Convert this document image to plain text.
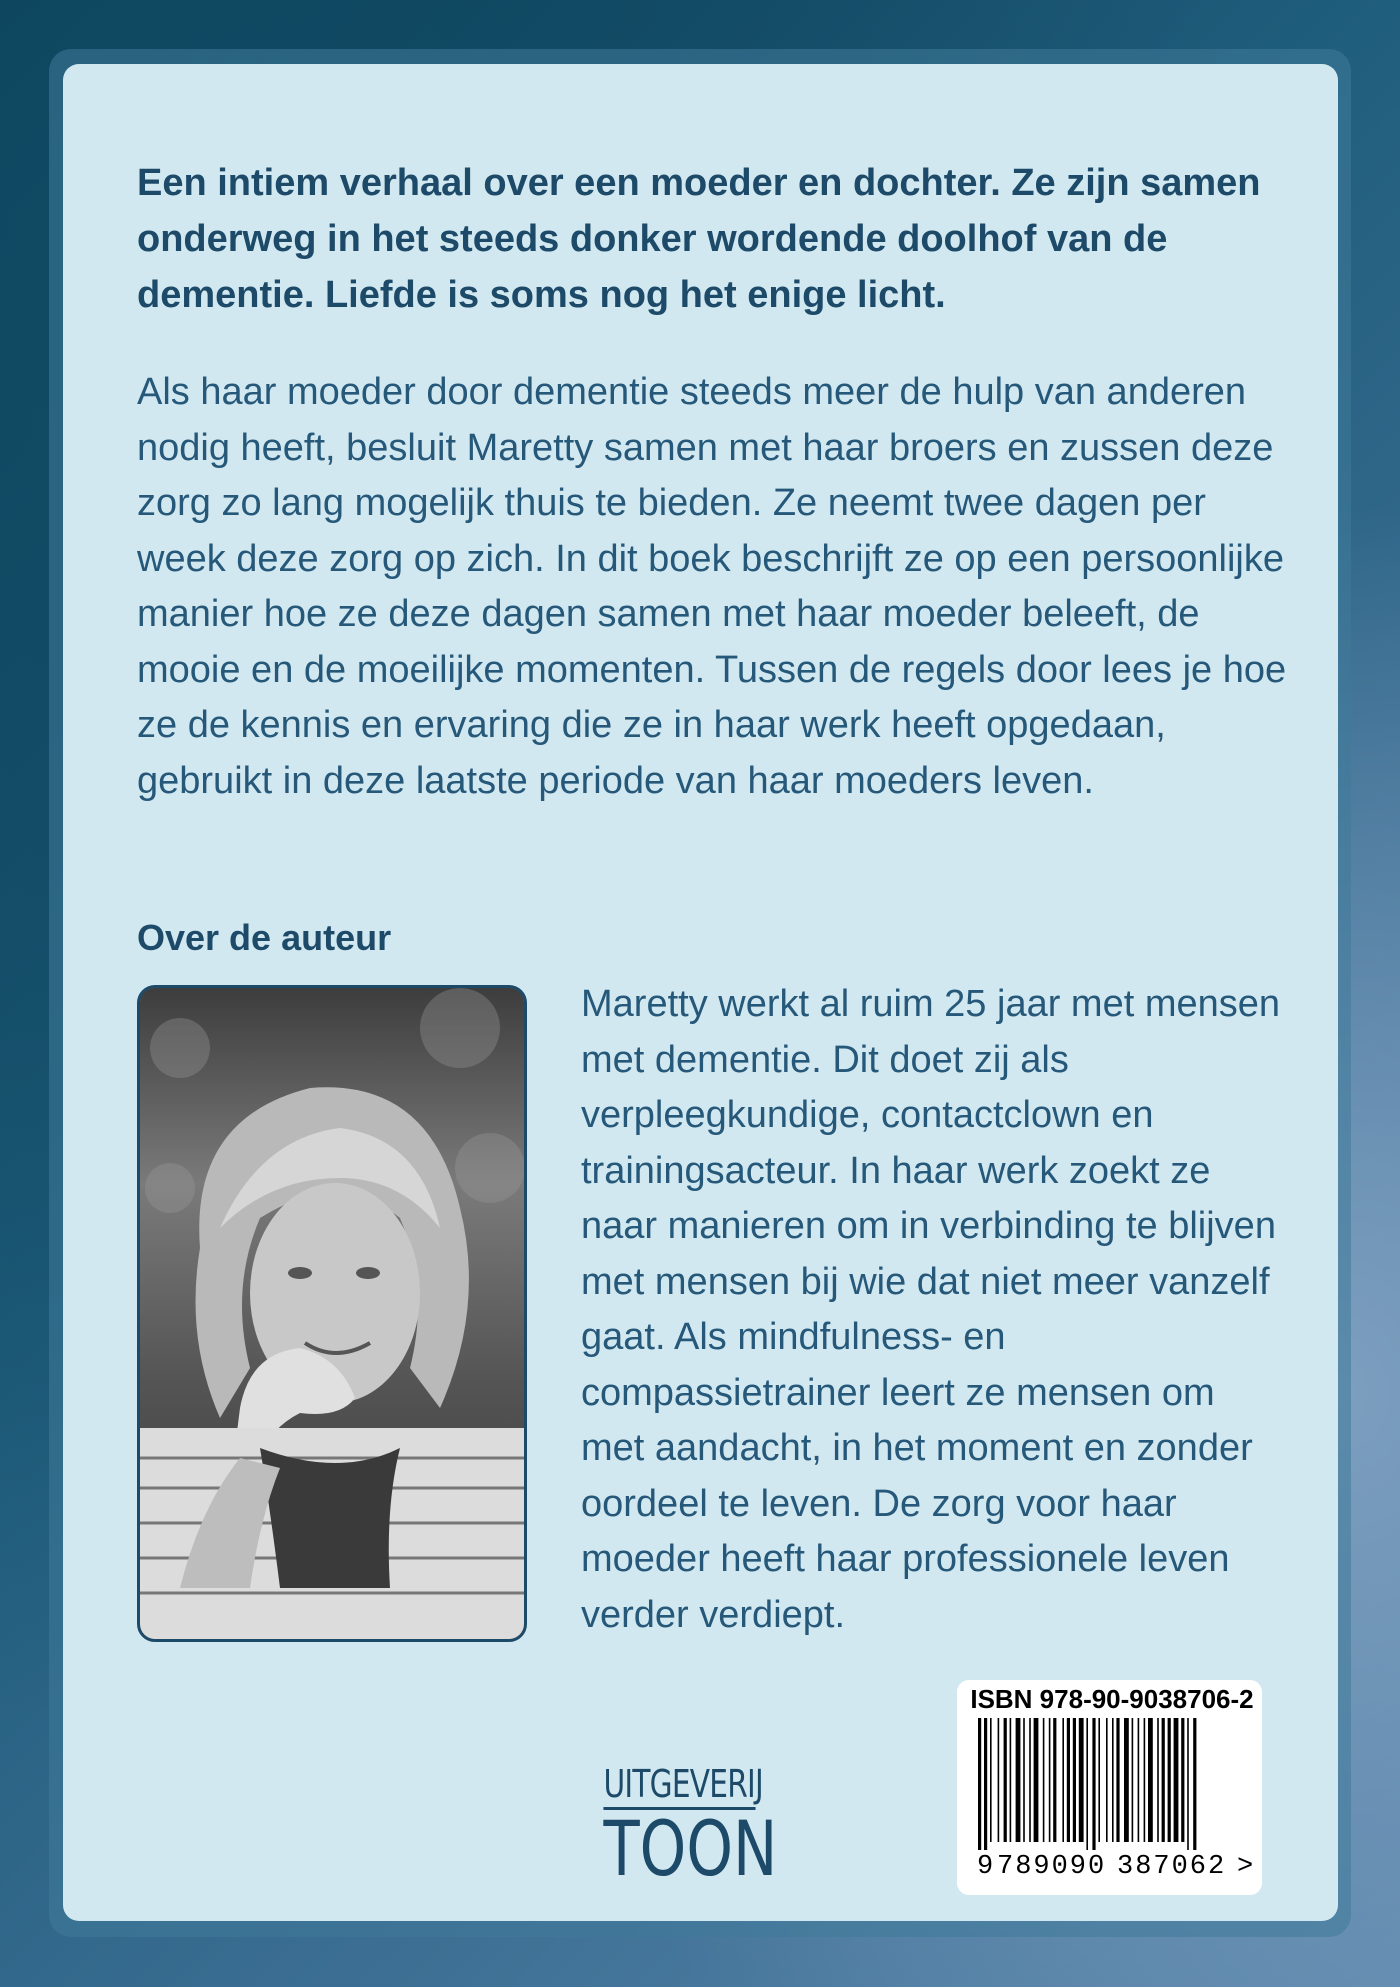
Een intiem verhaal over een moeder en dochter. Ze zijn samen onderweg in het steeds donker wordende doolhof van de dementie. Liefde is soms nog het enige licht.

Als haar moeder door dementie steeds meer de hulp van anderen nodig heeft, besluit Maretty samen met haar broers en zussen deze zorg zo lang mogelijk thuis te bieden. Ze neemt twee dagen per week deze zorg op zich. In dit boek beschrijft ze op een persoonlijke manier hoe ze deze dagen samen met haar moeder beleeft, de mooie en de moeilijke momenten. Tussen de regels door lees je hoe ze de kennis en ervaring die ze in haar werk heeft opgedaan, gebruikt in deze laatste periode van haar moeders leven.

Over de auteur

Maretty werkt al ruim 25 jaar met mensen met dementie. Dit doet zij als verpleegkundige, contactclown en trainingsacteur. In haar werk zoekt ze naar manieren om in verbinding te blijven met mensen bij wie dat niet meer vanzelf gaat. Als mindfulness- en compassietrainer leert ze mensen om met aandacht, in het moment en zonder oordeel te leven. De zorg voor haar moeder heeft haar professionele leven verder verdiept.

UITGEVERIJ
TOON
ISBN 978-90-9038706-2
9 789090 387062 >
